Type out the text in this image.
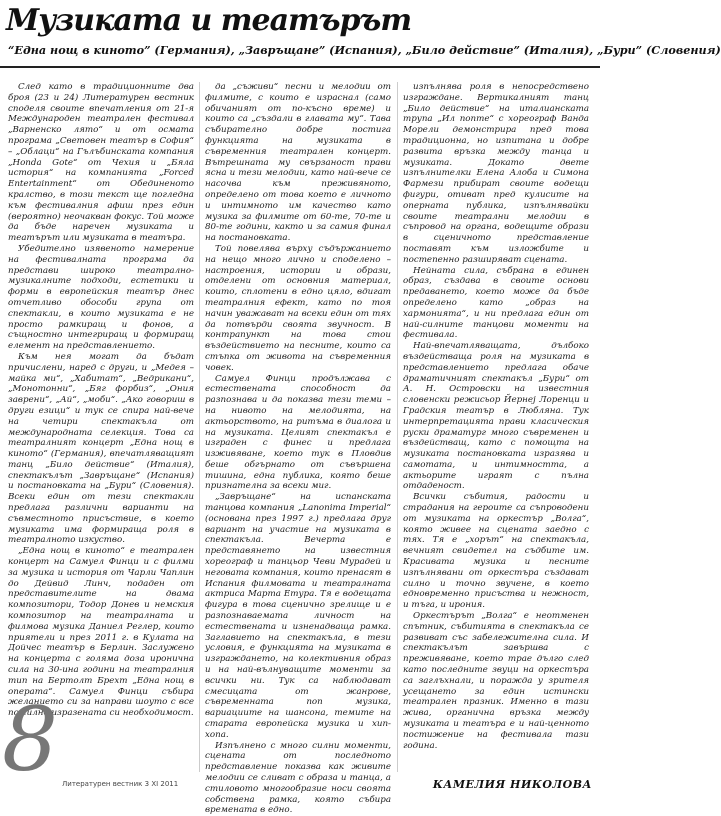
Музиката и театърът
“Една нощ в киното” (Германия), „Завръщане” (Испания), „Било действие” (Италия), „Бури” (Словения)

След като в традиционните два броя (23 и 24) Литературен вестник споделя своите впечатления от 21-я Международен театрален фестивал „Варненско лято“ и от осмата програма „Световен театър в София“ – „Облаци“ на Гълъбинската компания „Honda Gote“ от Чехия и „Бяла история“ на компанията „Forced Entertainment“ от Обединеното кралство, в този текст ще погледна към фестивалния афиш през един (вероятно) неочакван фокус. Той може да бъде наречен музиката и театърът или музиката в театъра.

Убедително изявеното намерение на фестивалната програма да представи широко театрално-музикалните подходи, естетики и форми в европейския театър днес отчетливо обособи група от спектакли, в които музиката е не просто рамкиращ и фонов, а същностно интегриращ и формиращ елемент на представлението.

Към нея могат да бъдат причислени, наред с други, и „Медея – майка ми“, „Хабитат“, „Ведрикани“, „Монотонни“, „Бяг форбиз“, „Ония заврени“, „Ай“, „моби“. „Ако говориш в други езици“ и тук се спира най-вече на четири спектакъла от международната селекция. Това са театралният концерт „Една нощ в киното“ (Германия), впечатляващият танц „Било действие“ (Италия), спектакълът „Завръщане“ (Испания) и постановката на „Бури“ (Словения). Всеки един от тези спектакли предлага различни варианти на съвместното присъствие, в което музиката има формираща роля в театралното изкуство.

„Една нощ в киното“ е театрален концерт на Самуел Финци и с филми за музика и история от Чарли Чаплин до Дейвид Линч, подаден от представителите на двама композитори, Тодор Донев и немския композитор на театралната и филмова музика Даниел Реглер, които приятели и през 2011 г. в Кулата на Дойчес театър в Берлин. Заслужено на концерта с голяма доза иронична сила на 30-ина години на театралния тип на Бертолт Брехт „Една нощ в операта“. Самуел Финци събира желанието си за направи шоуто с все по-силно изразената си необходимост.

да „съживи“ песни и мелодии от филмите, с които е израснал (само обичаният от по-късно време) и които са „създали в главата му“. Тава събирателно добре постига функцията на музиката в съвременния театрален концерт. Вътрешната му свързаност прави ясна и тези мелодии, като най-вече се насочва към преживяното, определено от това което е личното и интимното им качество като музика за филмите от 60-те, 70-те и 80-те години, както и за самия финал на постановката.

Той повелява върху съдържанието на нещо много лично и споделено – настроения, истории и образи, отделени от основния материал, които, сплотени в едно цяло, вдигат театралния ефект, като по тоя начин уважават на всеки един от тях да потвърди своята звучност. В контрапункт на това стои въздействието на песните, които са стъпка от живота на съвременния човек.

Самуел Финци продължава с естествената способност да разпознава и да показва тези теми – на нивото на мелодията, на актьорството, на ритъма в диалога и на музиката. Целият спектакъл е изграден с финес и предлага изживяване, което тук в Пловдив беше обгърнато от съвършена тишина, една публика, която беше признателна за всеки миг.

„Завръщане“ на испанската танцова компания „Lanonima Imperial“ (основана през 1997 г.) предлага друг вариант на участие на музиката в спектакъла. Вечерта е представянето на известния хореограф и танцьор Чеви Мурадей и неговата компания, които пренасят в Испания филмовата и театралната актриса Марта Етура. Тя е водещата фигура в това сценично зрелище и е разпознаваемата личност на естествената и изненадваща рамка. Заглавието на спектакъла, в тези условия, е функцията на музиката в изграждането, на колективния образ и на най-вълнуващите моменти за всички ни. Тук са наблюдават смесицата от жанрове, съвременната поп музика, вариациите на шансона, темите на старата европейска музика и хип-хопа.

Изпълнено с много силни моменти, сцената от последното представление показва как живите мелодии се сливат с образа и танца, а стиловото многообразие носи своята собствена рамка, която събира времената в едно.

изпълнява роля в непосредствено изграждане. Вертикалният танц „Било действие“ на италианската трупа „Ил попте“ с хореограф Ванда Морели демонстрира пред това традиционна, но изпитана и добре развита връзка между танца и музиката. Докато двете изпълнителки Елена Алоба и Симона Фармези прибират своите водещи фигури, отиват пред кулисите на оперната публика, изпълнявайки своите театрални мелодии в съпровод на органа, водещите образи в сценичното представление поставят към изложбите и постепенно разширяват сцената.

Нейната сила, събрана в единен образ, създава в своите основи предаването, което може да бъде определено като „образ на хармонията“, и ни предлага един от най-силните танцови моменти на фестивала.

Най-впечатляващата, дълбоко въздействаща роля на музиката в представлението предлага обаче драматичният спектакъл „Бури“ от А. Н. Островски на известния словенски режисьор Йернеј Лоренци и Градския театър в Любляна. Тук интерпретацията прави класическия руски драматург много съвременен и въздействащ, като с помощта на музиката постановката изразява и самотата, и интимността, а актьорите играят с пълна отдаденост.

Всички събития, радости и страдания на героите са съпроводени от музиката на оркестър „Волга“, която живее на сцената заедно с тях. Тя е „хорът“ на спектакъла, вечният свидетел на съдбите им. Красивата музика и песните изпълнявани от оркестъра създават силно и точно звучене, в което едновременно присъства и нежност, и тъга, и ирония.

Оркестърът „Волга“ е неотменен спътник, събитията в спектакъла се развиват със забележителна сила. И спектакълът завършва с преживяване, което трае дълго след като последните звуци на оркестъра са заглъхнали, и поражда у зрителя усещането за един истински театрален празник. Именно в тази жива, органична връзка между музиката и театъра е и най-ценното постижение на фестивала тази година.

8 Литературен вестник 3 ХІ 2011	КАМЕЛИЯ НИКОЛОВА
